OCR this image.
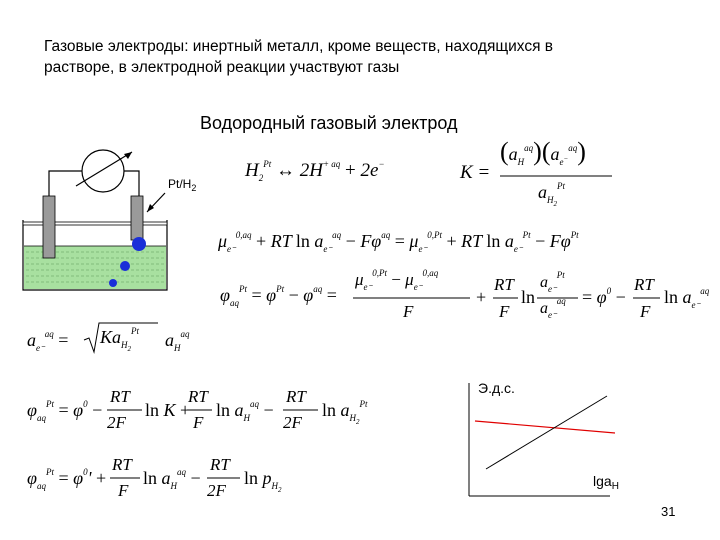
Газовые электроды: инертный металл, кроме веществ, находящихся в
растворе, в электродной реакции участвуют газы
Водородный газовый электрод
$Pt/H_2$
$H_2^{Pt}$ ↔ $2H^{+ aq} + 2e^-$	K =
$(a_H^{aq})(a_{e^-}^{aq})$
$a_{H_2}^{Pt}$
$\mu_{e^-}^{0,aq}$ + RT $\ln a_{e^-}^{aq} - F\varphi^{aq} = \mu_{e^-}^{0,Pt}$ + RT $\ln a_{e^-}^{Pt} - F\varphi^{Pt}$
$\varphi_{aq}^{Pt} = \varphi^{Pt} - \varphi^{aq}$ =
$\mu_{e^-}^{0,Pt} - \mu_{e^-}^{0,aq}$
F
+
RT
F
ln
$a_{e^-}^{Pt}$
$a_{e^-}^{aq} = \varphi^0$ −
RT
F
$\ln a_{e^-}^{aq}$
$a_{e^-}^{aq} = Ka_{H_2}^{Pt}$ $a_H^{aq}$
$\varphi_{aq}^{Pt} = \varphi^0$ −
RT
2F
ln K +
RT
F
$\ln a_H^{aq}$ −
RT
2F
$\ln a_{H_2}^{Pt}$
$\varphi_{aq}^{Pt} = \varphi^0'$ +
RT
F
$\ln a_H^{aq}$ −
RT
2F
$\ln p_{H_2}$
Э.д.с.
lga$_H$
31
